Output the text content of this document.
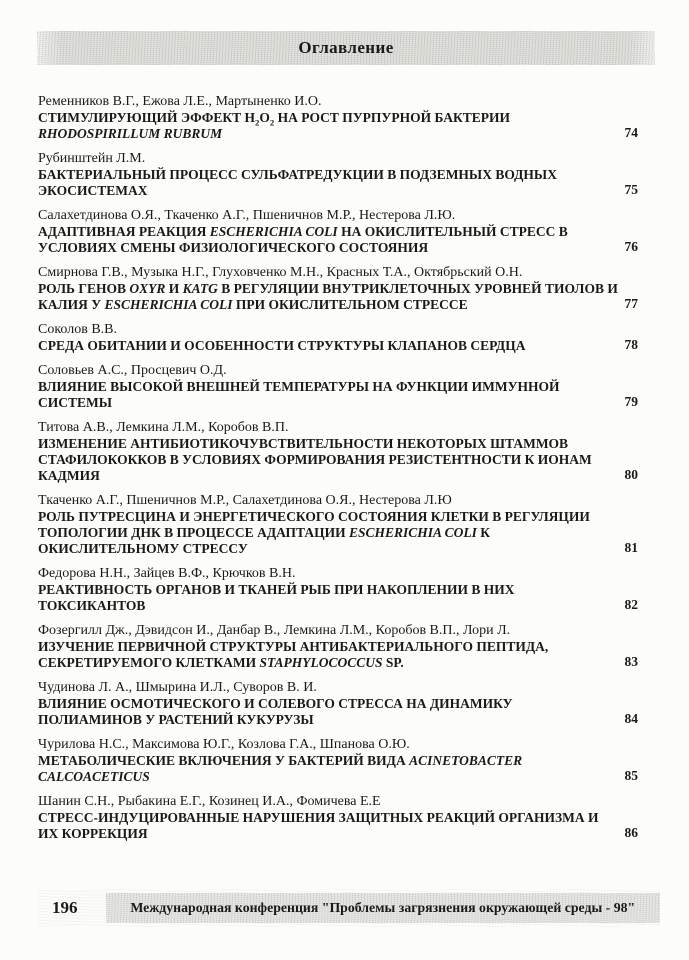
Оглавление
Ременников В.Г., Ежова Л.Е., Мартыненко И.О.
СТИМУЛИРУЮЩИЙ ЭФФЕКТ $H_2O_2$ НА РОСТ ПУРПУРНОЙ БАКТЕРИИ RHODOSPIRILLUM RUBRUM	74
Рубинштейн Л.М.
БАКТЕРИАЛЬНЫЙ ПРОЦЕСС СУЛЬФАТРЕДУКЦИИ В ПОДЗЕМНЫХ ВОДНЫХ ЭКОСИСТЕМАХ	75
Салахетдинова О.Я., Ткаченко А.Г., Пшеничнов М.Р., Нестерова Л.Ю.
АДАПТИВНАЯ РЕАКЦИЯ ESCHERICHIA COLI НА ОКИСЛИТЕЛЬНЫЙ СТРЕСС В УСЛОВИЯХ СМЕНЫ ФИЗИОЛОГИЧЕСКОГО СОСТОЯНИЯ	76
Смирнова Г.В., Музыка Н.Г., Глуховченко М.Н., Красных Т.А., Октябрьский О.Н.
РОЛЬ ГЕНОВ OXYR И KATG В РЕГУЛЯЦИИ ВНУТРИКЛЕТОЧНЫХ УРОВНЕЙ ТИОЛОВ И КАЛИЯ У ESCHERICHIA COLI ПРИ ОКИСЛИТЕЛЬНОМ СТРЕССЕ	77
Соколов В.В.
СРЕДА ОБИТАНИИ И ОСОБЕННОСТИ СТРУКТУРЫ КЛАПАНОВ СЕРДЦА	78
Соловьев А.С., Просцевич О.Д.
ВЛИЯНИЕ ВЫСОКОЙ ВНЕШНЕЙ ТЕМПЕРАТУРЫ НА ФУНКЦИИ ИММУННОЙ СИСТЕМЫ	79
Титова А.В., Лемкина Л.М., Коробов В.П.
ИЗМЕНЕНИЕ АНТИБИОТИКОЧУВСТВИТЕЛЬНОСТИ НЕКОТОРЫХ ШТАММОВ СТАФИЛОКОККОВ В УСЛОВИЯХ ФОРМИРОВАНИЯ РЕЗИСТЕНТНОСТИ К ИОНАМ КАДМИЯ	80
Ткаченко А.Г., Пшеничнов М.Р., Салахетдинова О.Я., Нестерова Л.Ю
РОЛЬ ПУТРЕСЦИНА И ЭНЕРГЕТИЧЕСКОГО СОСТОЯНИЯ КЛЕТКИ В РЕГУЛЯЦИИ ТОПОЛОГИИ ДНК В ПРОЦЕССЕ АДАПТАЦИИ ESCHERICHIA COLI К ОКИСЛИТЕЛЬНОМУ СТРЕССУ	81
Федорова Н.Н., Зайцев В.Ф., Крючков В.Н.
РЕАКТИВНОСТЬ ОРГАНОВ И ТКАНЕЙ РЫБ ПРИ НАКОПЛЕНИИ В НИХ ТОКСИКАНТОВ	82
Фозергилл Дж., Дэвидсон И., Данбар В., Лемкина Л.М., Коробов В.П., Лори Л.
ИЗУЧЕНИЕ ПЕРВИЧНОЙ СТРУКТУРЫ АНТИБАКТЕРИАЛЬНОГО ПЕПТИДА, СЕКРЕТИРУЕМОГО КЛЕТКАМИ STAPHYLOCOCCUS SP.	83
Чудинова Л. А., Шмырина И.Л., Суворов В. И.
ВЛИЯНИЕ ОСМОТИЧЕСКОГО И СОЛЕВОГО СТРЕССА НА ДИНАМИКУ ПОЛИАМИНОВ У РАСТЕНИЙ КУКУРУЗЫ	84
Чурилова Н.С., Максимова Ю.Г., Козлова Г.А., Шпанова О.Ю.
МЕТАБОЛИЧЕСКИЕ ВКЛЮЧЕНИЯ У БАКТЕРИЙ ВИДА ACINETOBACTER CALCOACETICUS	85
Шанин С.Н., Рыбакина Е.Г., Козинец И.А., Фомичева Е.Е
СТРЕСС-ИНДУЦИРОВАННЫЕ НАРУШЕНИЯ ЗАЩИТНЫХ РЕАКЦИЙ ОРГАНИЗМА И ИХ КОРРЕКЦИЯ	86
196	Международная конференция "Проблемы загрязнения окружающей среды - 98"
